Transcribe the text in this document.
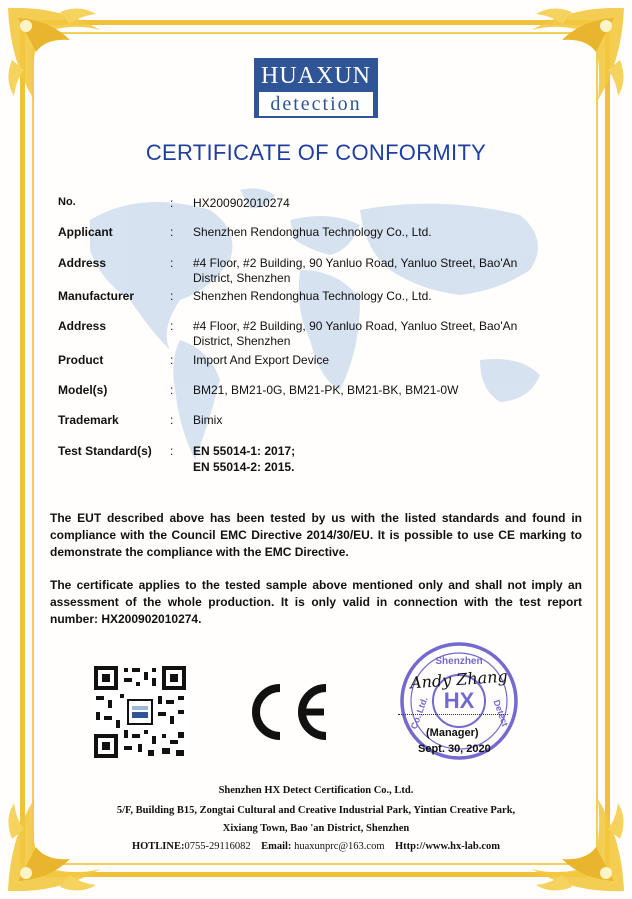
HUAXUN
detection
CERTIFICATE OF CONFORMITY
No.	: HX200902010274
Applicant	: Shenzhen Rendonghua Technology Co., Ltd.
Address	: #4 Floor, #2 Building, 90 Yanluo Road, Yanluo Street, Bao'An District, Shenzhen
Manufacturer	: Shenzhen Rendonghua Technology Co., Ltd.
Address	: #4 Floor, #2 Building, 90 Yanluo Road, Yanluo Street, Bao'An District, Shenzhen
Product	: Import And Export Device
Model(s)	: BM21, BM21-0G, BM21-PK, BM21-BK, BM21-0W
Trademark	: Bimix
Test Standard(s) : EN 55014-1: 2017;
EN 55014-2: 2015.
The EUT described above has been tested by us with the listed standards and found in compliance with the Council EMC Directive 2014/30/EU. It is possible to use CE marking to demonstrate the compliance with the EMC Directive.
The certificate applies to the tested sample above mentioned only and shall not imply an assessment of the whole production. It is only valid in connection with the test report number: HX200902010274.
CE
HX
Shenzhen
Co.,Ltd.	Detect
Andy Zhang
(Manager)
Sept. 30, 2020
Shenzhen HX Detect Certification Co., Ltd.
5/F, Building B15, Zongtai Cultural and Creative Industrial Park, Yintian Creative Park,
Xixiang Town, Bao 'an District, Shenzhen
HOTLINE:0755-29116082 Email: huaxunprc@163.com Http://www.hx-lab.com
